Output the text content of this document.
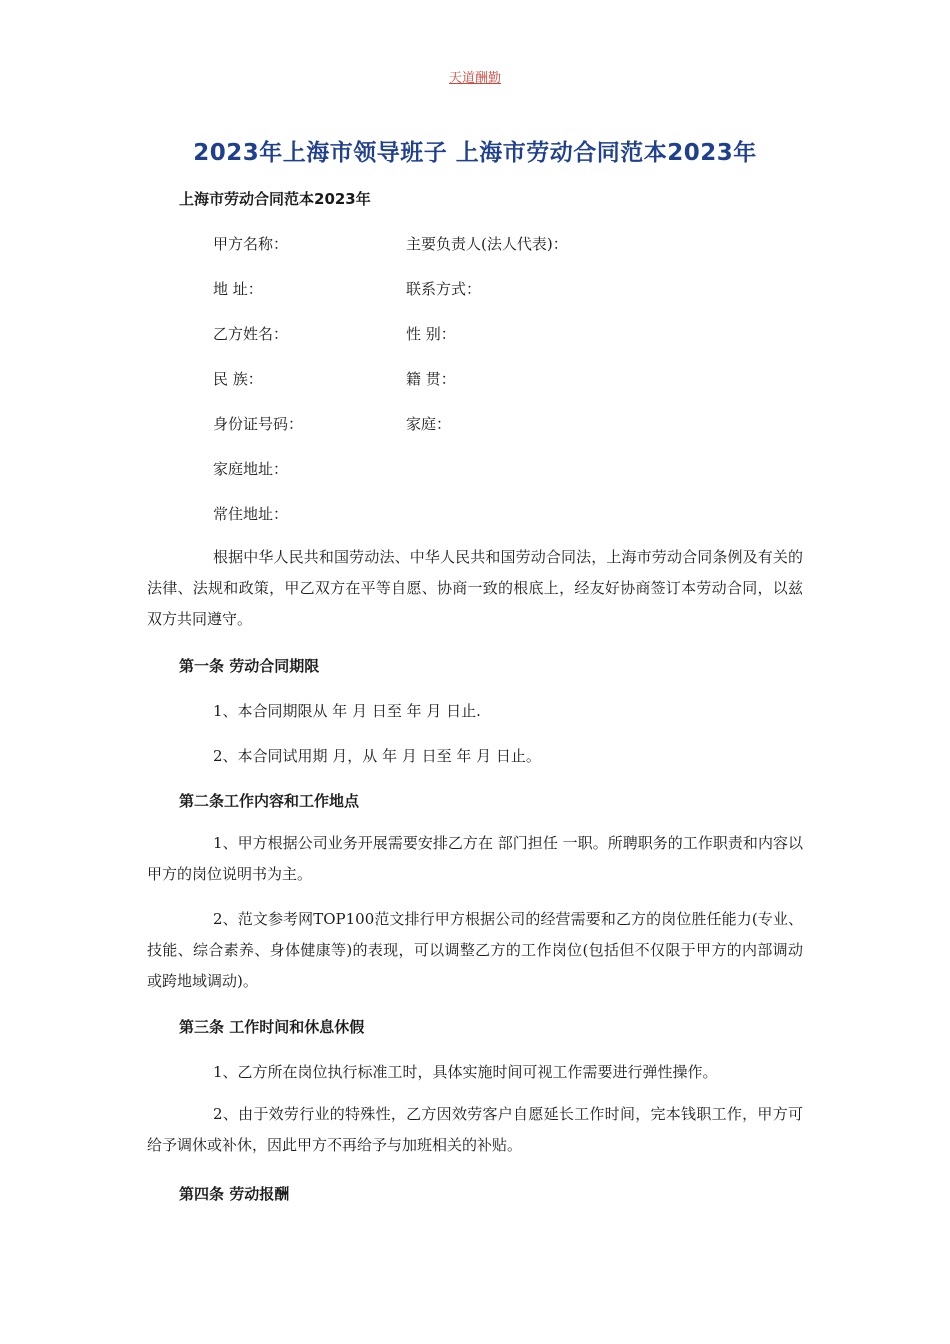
天道酬勤
2023年上海市领导班子 上海市劳动合同范本2023年
上海市劳动合同范本2023年
甲方名称：	主要负责人(法人代表)：
地 址：	联系方式：
乙方姓名：	性 别：
民 族：	籍 贯：
身份证号码：	家庭：
家庭地址：
常住地址：
根据中华人民共和国劳动法、中华人民共和国劳动合同法，上海市劳动合同条例及有关的法律、法规和政策，甲乙双方在平等自愿、协商一致的根底上，经友好协商签订本劳动合同，以兹双方共同遵守。
第一条 劳动合同期限
1、本合同期限从 年 月 日至 年 月 日止.
2、本合同试用期 月，从 年 月 日至 年 月 日止。
第二条工作内容和工作地点
1、甲方根据公司业务开展需要安排乙方在 部门担任 一职。所聘职务的工作职责和内容以甲方的岗位说明书为主。
2、范文参考网TOP100范文排行甲方根据公司的经营需要和乙方的岗位胜任能力(专业、技能、综合素养、身体健康等)的表现，可以调整乙方的工作岗位(包括但不仅限于甲方的内部调动或跨地域调动)。
第三条 工作时间和休息休假
1、乙方所在岗位执行标准工时，具体实施时间可视工作需要进行弹性操作。
2、由于效劳行业的特殊性，乙方因效劳客户自愿延长工作时间，完本钱职工作，甲方可给予调休或补休，因此甲方不再给予与加班相关的补贴。
第四条 劳动报酬
